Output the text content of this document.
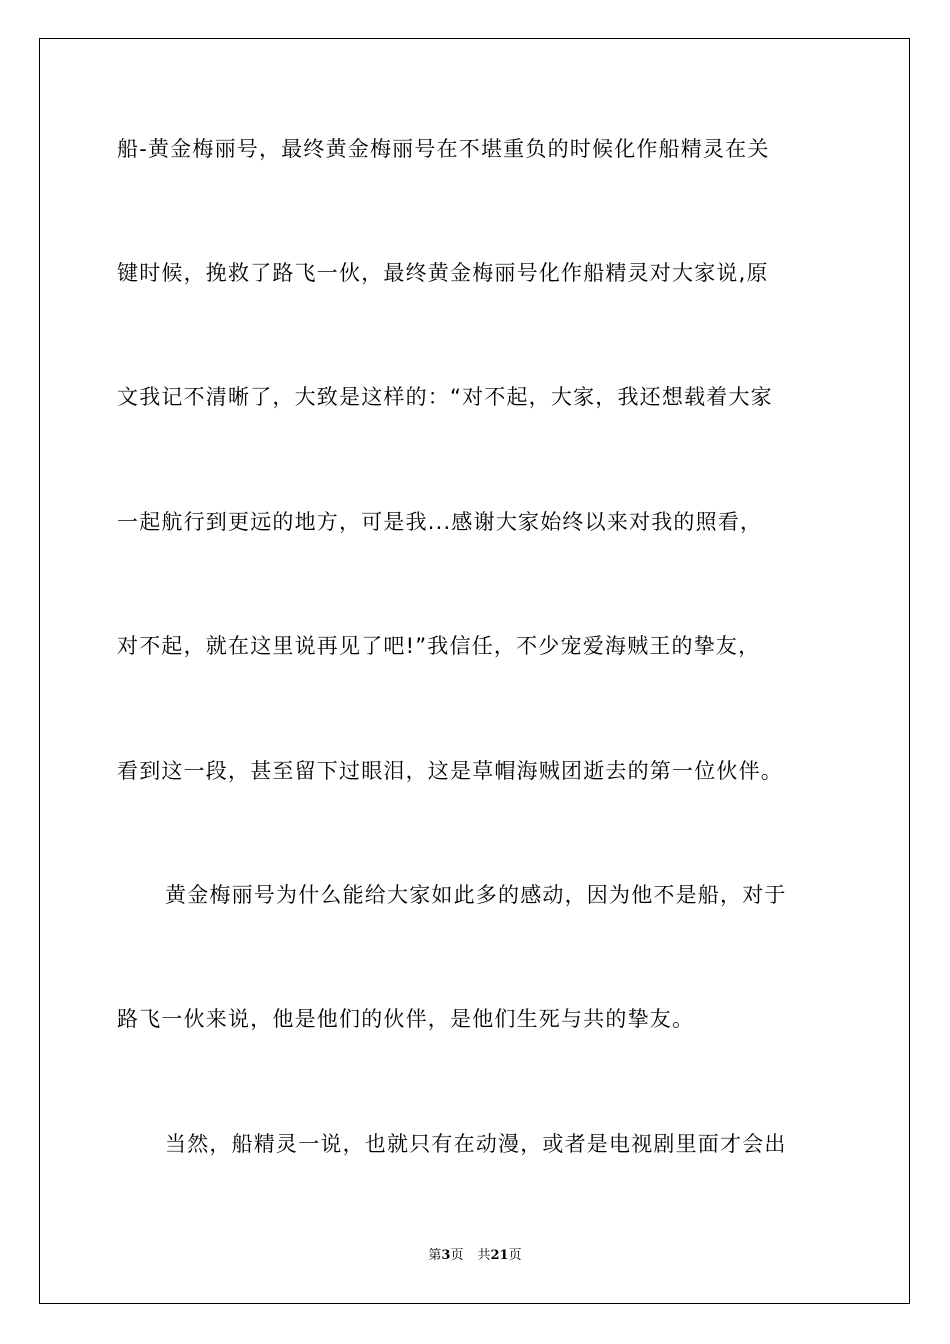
船-黄金梅丽号，最终黄金梅丽号在不堪重负的时候化作船精灵在关
键时候，挽救了路飞一伙，最终黄金梅丽号化作船精灵对大家说,原
文我记不清晰了，大致是这样的：“对不起，大家，我还想载着大家
一起航行到更远的地方，可是我...感谢大家始终以来对我的照看，
对不起，就在这里说再见了吧!”我信任，不少宠爱海贼王的挚友，
看到这一段，甚至留下过眼泪，这是草帽海贼团逝去的第一位伙伴。
黄金梅丽号为什么能给大家如此多的感动，因为他不是船，对于
路飞一伙来说，他是他们的伙伴，是他们生死与共的挚友。
当然，船精灵一说，也就只有在动漫，或者是电视剧里面才会出
第3页 共21页
